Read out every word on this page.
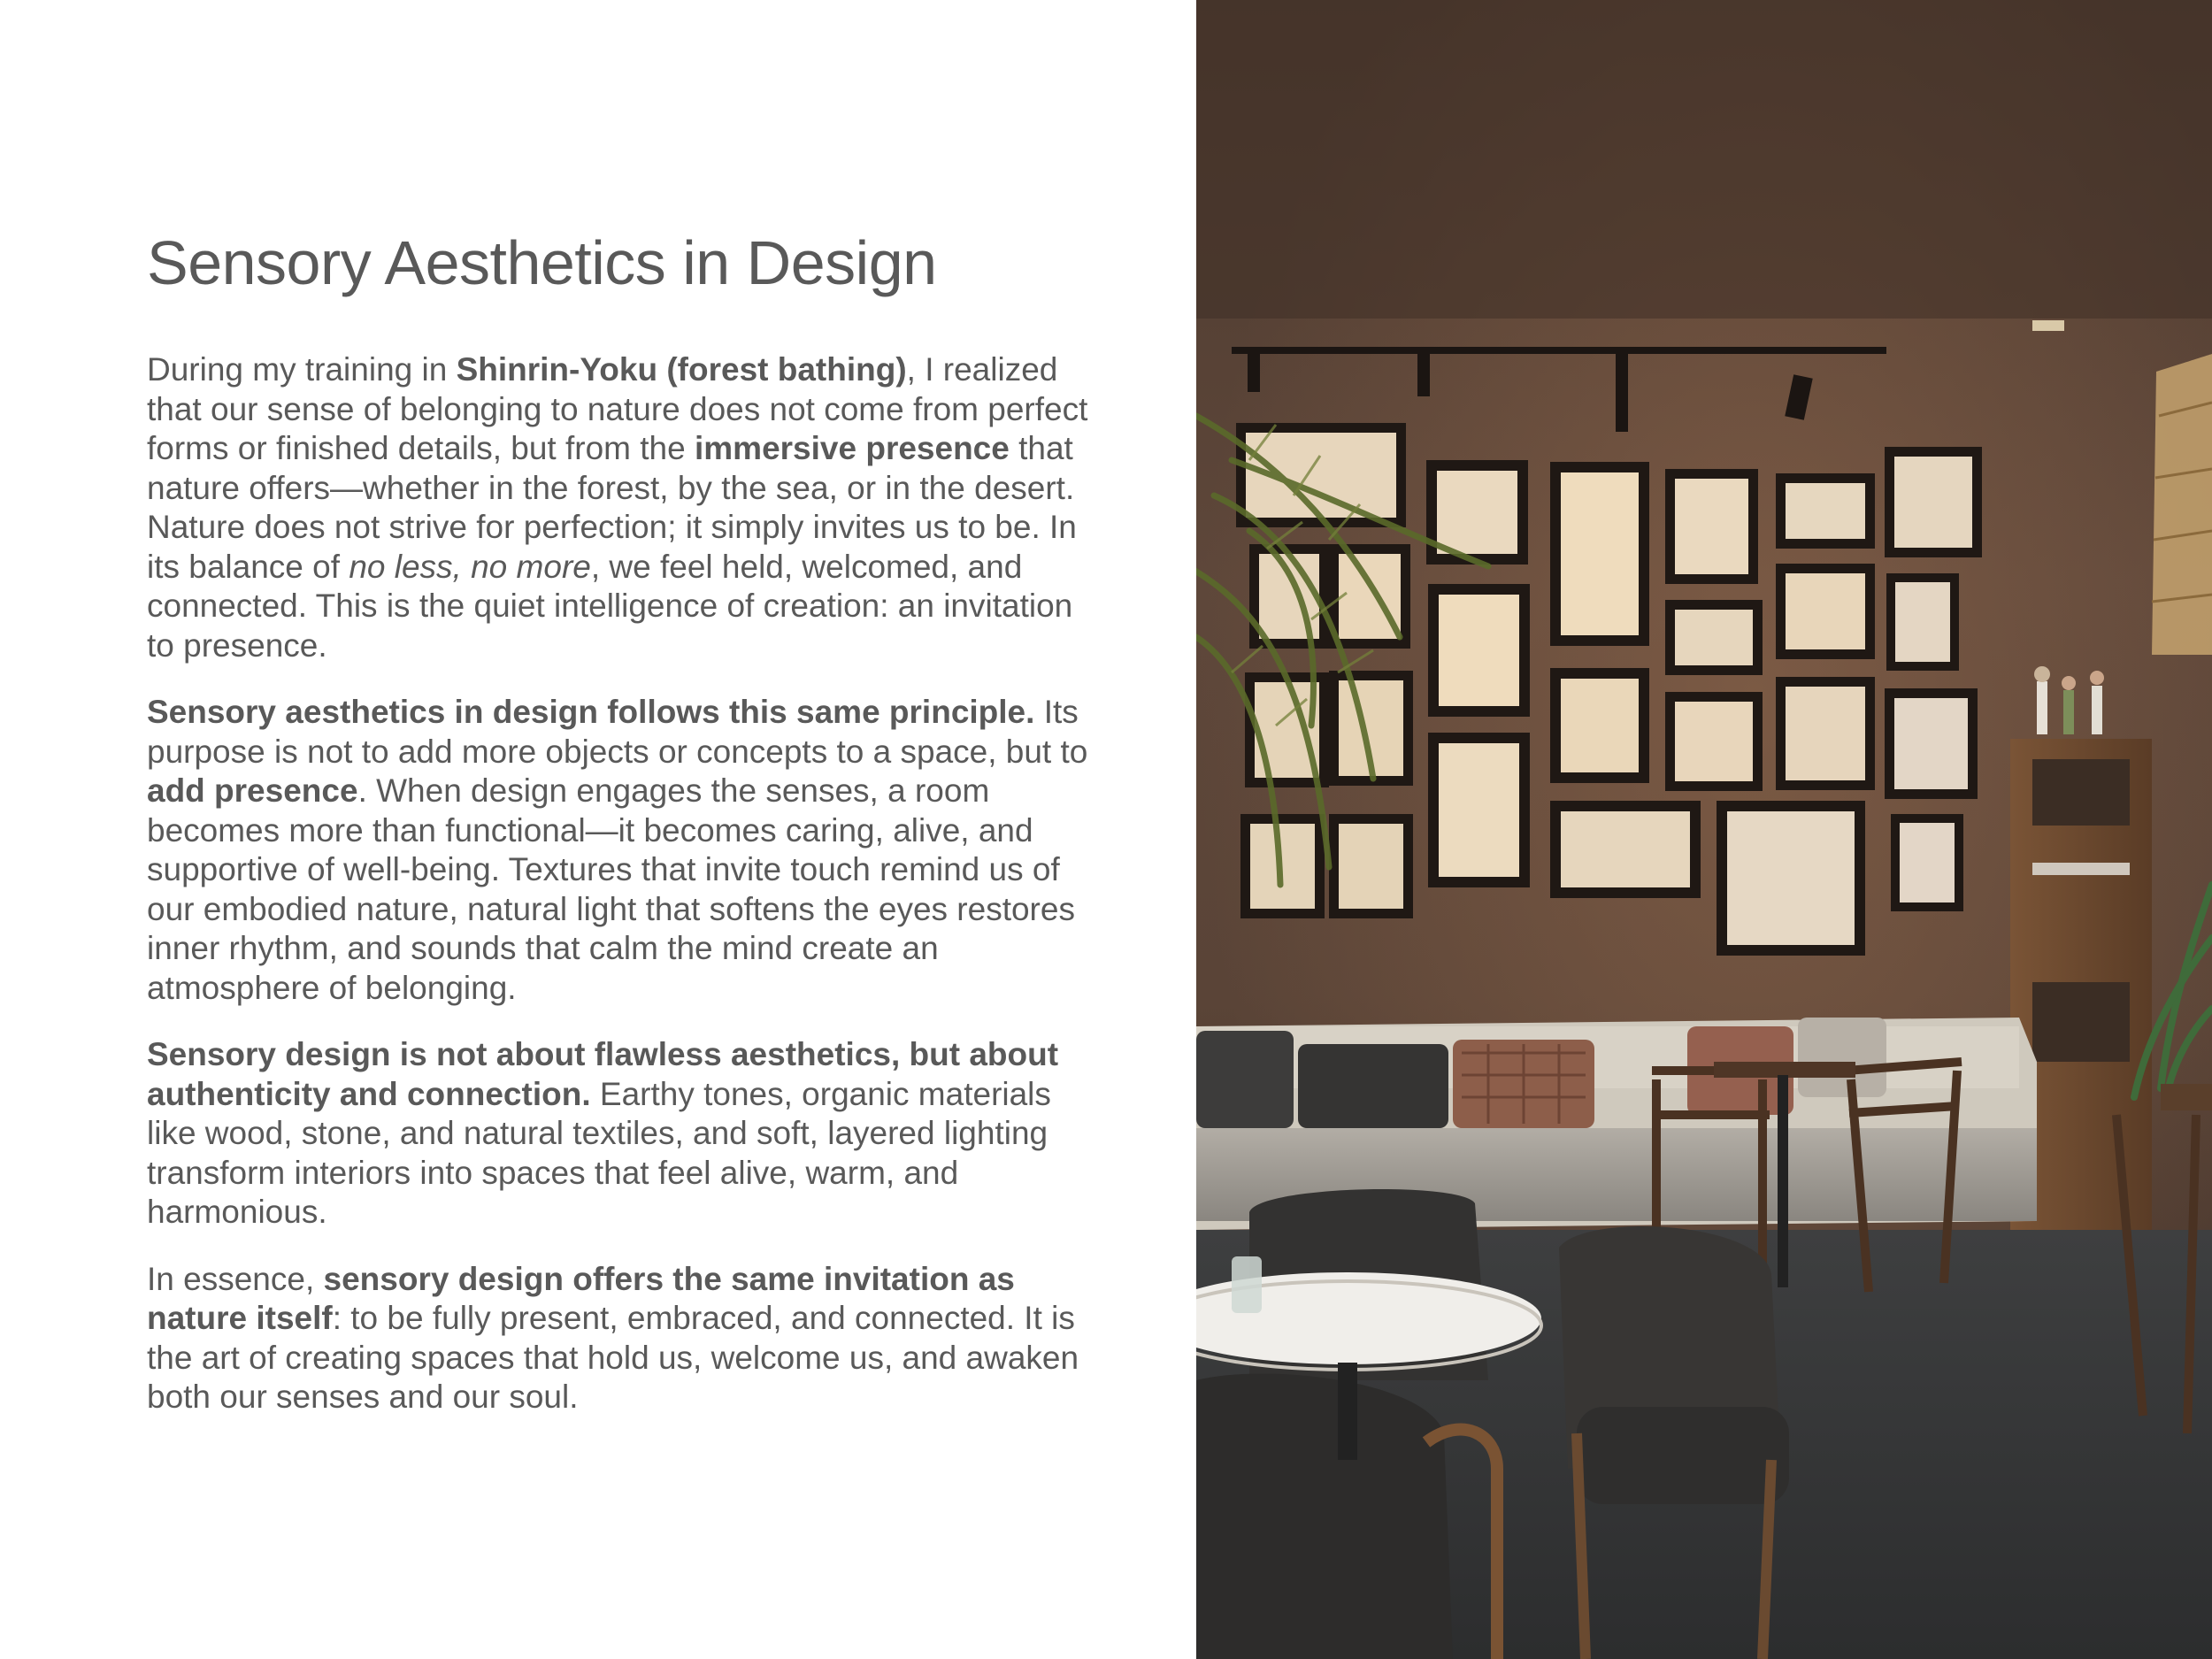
Sensory Aesthetics in Design

During my training in Shinrin-Yoku (forest bathing), I realized that our sense of belonging to nature does not come from perfect forms or finished details, but from the immersive presence that nature offers—whether in the forest, by the sea, or in the desert. Nature does not strive for perfection; it simply invites us to be. In its balance of no less, no more, we feel held, welcomed, and connected. This is the quiet intelligence of creation: an invitation to presence.

Sensory aesthetics in design follows this same principle. Its purpose is not to add more objects or concepts to a space, but to add presence. When design engages the senses, a room becomes more than functional—it becomes caring, alive, and supportive of well-being. Textures that invite touch remind us of our embodied nature, natural light that softens the eyes restores inner rhythm, and sounds that calm the mind create an atmosphere of belonging.

Sensory design is not about flawless aesthetics, but about authenticity and connection. Earthy tones, organic materials like wood, stone, and natural textiles, and soft, layered lighting transform interiors into spaces that feel alive, warm, and harmonious.

In essence, sensory design offers the same invitation as nature itself: to be fully present, embraced, and connected. It is the art of creating spaces that hold us, welcome us, and awaken both our senses and our soul.
